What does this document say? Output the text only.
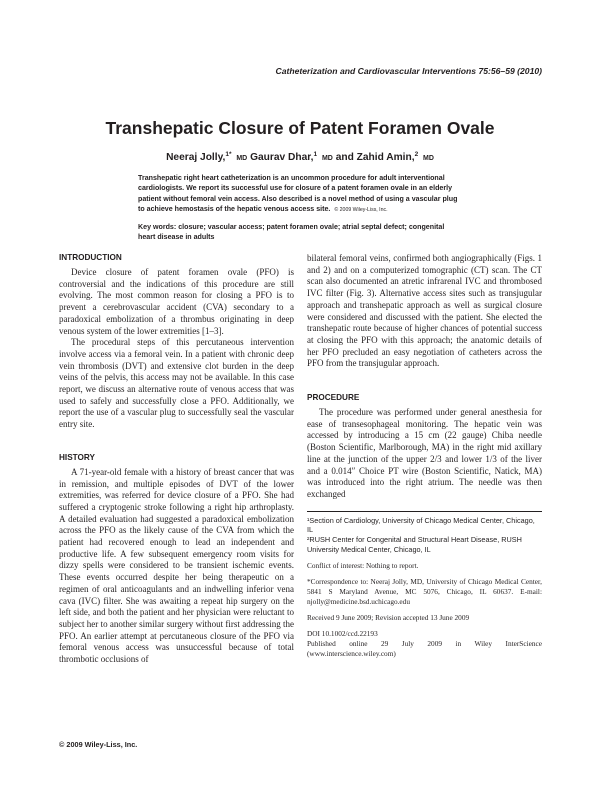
Catheterization and Cardiovascular Interventions 75:56–59 (2010)
Transhepatic Closure of Patent Foramen Ovale
Neeraj Jolly,$^{1*}$ MD Gaurav Dhar,$^1$ MD and Zahid Amin,$^2$ MD

Transhepatic right heart catheterization is an uncommon procedure for adult interventional cardiologists. We report its successful use for closure of a patent foramen ovale in an elderly patient without femoral vein access. Also described is a novel method of using a vascular plug to achieve hemostasis of the hepatic venous access site. © 2009 Wiley-Liss, Inc.

Key words: closure; vascular access; patent foramen ovale; atrial septal defect; congenital heart disease in adults

INTRODUCTION

Device closure of patent foramen ovale (PFO) is controversial and the indications of this procedure are still evolving. The most common reason for closing a PFO is to prevent a cerebrovascular accident (CVA) secondary to a paradoxical embolization of a thrombus originating in deep venous system of the lower extremities [1–3].

The procedural steps of this percutaneous intervention involve access via a femoral vein. In a patient with chronic deep vein thrombosis (DVT) and extensive clot burden in the deep veins of the pelvis, this access may not be available. In this case report, we discuss an alternative route of venous access that was used to safely and successfully close a PFO. Additionally, we report the use of a vascular plug to successfully seal the vascular entry site.

HISTORY

A 71-year-old female with a history of breast cancer that was in remission, and multiple episodes of DVT of the lower extremities, was referred for device closure of a PFO. She had suffered a cryptogenic stroke following a right hip arthroplasty. A detailed evaluation had suggested a paradoxical embolization across the PFO as the likely cause of the CVA from which the patient had recovered enough to lead an independent and productive life. A few subsequent emergency room visits for dizzy spells were considered to be transient ischemic events. These events occurred despite her being therapeutic on a regimen of oral anticoagulants and an indwelling inferior vena cava (IVC) filter. She was awaiting a repeat hip surgery on the left side, and both the patient and her physician were reluctant to subject her to another similar surgery without first addressing the PFO. An earlier attempt at percutaneous closure of the PFO via femoral venous access was unsuccessful because of total thrombotic occlusions of

bilateral femoral veins, confirmed both angiographically (Figs. 1 and 2) and on a computerized tomographic (CT) scan. The CT scan also documented an atretic infrarenal IVC and thrombosed IVC filter (Fig. 3). Alternative access sites such as transjugular approach and transhepatic approach as well as surgical closure were considered and discussed with the patient. She elected the transhepatic route because of higher chances of potential success at closing the PFO with this approach; the anatomic details of her PFO precluded an easy negotiation of catheters across the PFO from the transjugular approach.

PROCEDURE

The procedure was performed under general anesthesia for ease of transesophageal monitoring. The hepatic vein was accessed by introducing a 15 cm (22 gauge) Chiba needle (Boston Scientific, Marlborough, MA) in the right mid axillary line at the junction of the upper 2/3 and lower 1/3 of the liver and a 0.014″ Choice PT wire (Boston Scientific, Natick, MA) was introduced into the right atrium. The needle was then exchanged

¹Section of Cardiology, University of Chicago Medical Center, Chicago, IL

²RUSH Center for Congenital and Structural Heart Disease, RUSH University Medical Center, Chicago, IL

Conflict of interest: Nothing to report.

*Correspondence to: Neeraj Jolly, MD, University of Chicago Medical Center, 5841 S Maryland Avenue, MC 5076, Chicago, IL 60637. E-mail: njolly@medicine.bsd.uchicago.edu

Received 9 June 2009; Revision accepted 13 June 2009

DOI 10.1002/ccd.22193

Published online 29 July 2009 in Wiley InterScience (www.interscience.wiley.com)

© 2009 Wiley-Liss, Inc.
